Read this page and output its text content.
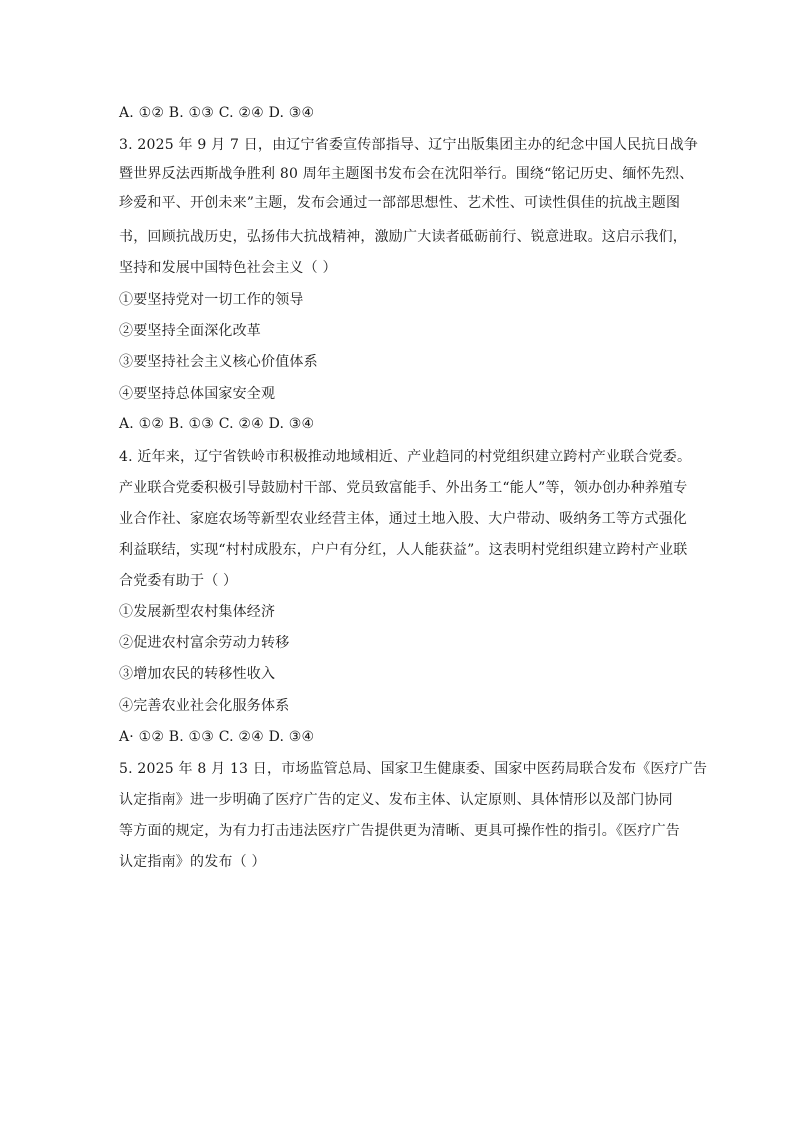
A. ①② B. ①③ C. ②④ D. ③④
3. 2025 年 9 月 7 日，由辽宁省委宣传部指导、辽宁出版集团主办的纪念中国人民抗日战争
暨世界反法西斯战争胜利 80 周年主题图书发布会在沈阳举行。围绕“铭记历史、缅怀先烈、
珍爱和平、开创未来”主题，发布会通过一部部思想性、艺术性、可读性俱佳的抗战主题图
书，回顾抗战历史，弘扬伟大抗战精神，激励广大读者砥砺前行、锐意进取。这启示我们，
坚持和发展中国特色社会主义（ ）
①要坚持党对一切工作的领导
②要坚持全面深化改革
③要坚持社会主义核心价值体系
④要坚持总体国家安全观
A. ①② B. ①③ C. ②④ D. ③④
4. 近年来，辽宁省铁岭市积极推动地域相近、产业趋同的村党组织建立跨村产业联合党委。
产业联合党委积极引导鼓励村干部、党员致富能手、外出务工“能人”等，领办创办种养殖专
业合作社、家庭农场等新型农业经营主体，通过土地入股、大户带动、吸纳务工等方式强化
利益联结，实现“村村成股东，户户有分红，人人能获益”。这表明村党组织建立跨村产业联
合党委有助于（ ）
①发展新型农村集体经济
②促进农村富余劳动力转移
③增加农民的转移性收入
④完善农业社会化服务体系
A· ①② B. ①③ C. ②④ D. ③④
5. 2025 年 8 月 13 日，市场监管总局、国家卫生健康委、国家中医药局联合发布《医疗广告
认定指南》进一步明确了医疗广告的定义、发布主体、认定原则、具体情形以及部门协同
等方面的规定，为有力打击违法医疗广告提供更为清晰、更具可操作性的指引。《医疗广告
认定指南》的发布（ ）
